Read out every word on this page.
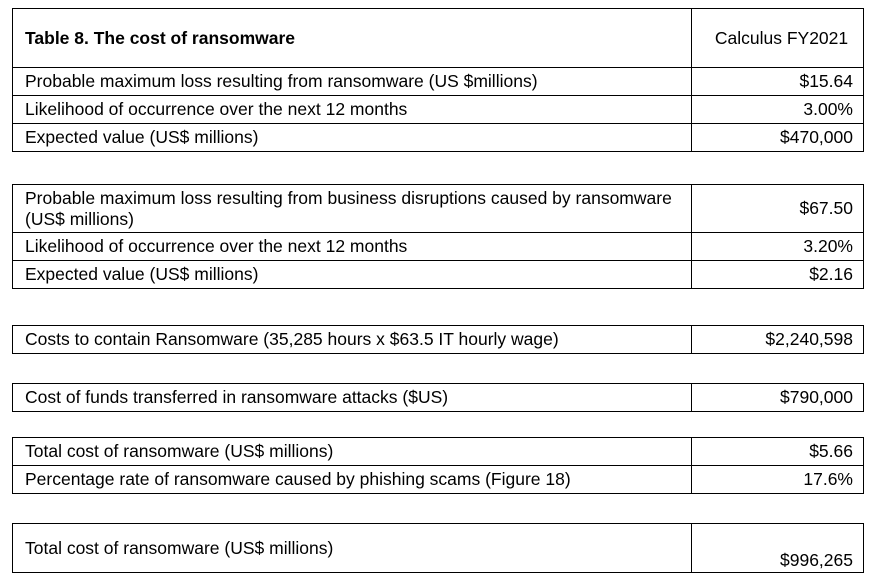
Table 8. The cost of ransomware	Calculus FY2021
Probable maximum loss resulting from ransomware (US $millions)	$15.64
Likelihood of occurrence over the next 12 months	3.00%
Expected value (US$ millions)	$470,000
Probable maximum loss resulting from business disruptions caused by ransomware (US$ millions)	$67.50
Likelihood of occurrence over the next 12 months	3.20%
Expected value (US$ millions)	$2.16
Costs to contain Ransomware (35,285 hours x $63.5 IT hourly wage)	$2,240,598
Cost of funds transferred in ransomware attacks ($US)	$790,000
Total cost of ransomware (US$ millions)	$5.66
Percentage rate of ransomware caused by phishing scams (Figure 18)	17.6%
Total cost of ransomware (US$ millions)	$996,265
